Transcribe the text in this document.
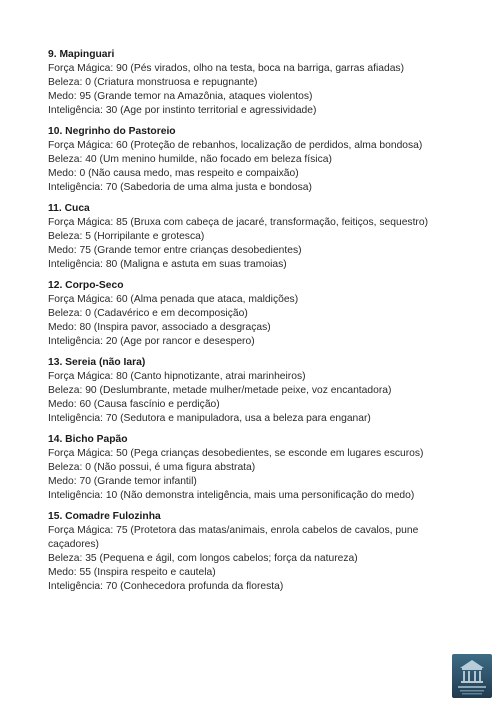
9. Mapinguari
Força Mágica: 90 (Pés virados, olho na testa, boca na barriga, garras afiadas)
Beleza: 0 (Criatura monstruosa e repugnante)
Medo: 95 (Grande temor na Amazônia, ataques violentos)
Inteligência: 30 (Age por instinto territorial e agressividade)
10. Negrinho do Pastoreio
Força Mágica: 60 (Proteção de rebanhos, localização de perdidos, alma bondosa)
Beleza: 40 (Um menino humilde, não focado em beleza física)
Medo: 0 (Não causa medo, mas respeito e compaixão)
Inteligência: 70 (Sabedoria de uma alma justa e bondosa)
11. Cuca
Força Mágica: 85 (Bruxa com cabeça de jacaré, transformação, feitiços, sequestro)
Beleza: 5 (Horripilante e grotesca)
Medo: 75 (Grande temor entre crianças desobedientes)
Inteligência: 80 (Maligna e astuta em suas tramoias)
12. Corpo-Seco
Força Mágica: 60 (Alma penada que ataca, maldições)
Beleza: 0 (Cadavérico e em decomposição)
Medo: 80 (Inspira pavor, associado a desgraças)
Inteligência: 20 (Age por rancor e desespero)
13. Sereia (não Iara)
Força Mágica: 80 (Canto hipnotizante, atrai marinheiros)
Beleza: 90 (Deslumbrante, metade mulher/metade peixe, voz encantadora)
Medo: 60 (Causa fascínio e perdição)
Inteligência: 70 (Sedutora e manipuladora, usa a beleza para enganar)
14. Bicho Papão
Força Mágica: 50 (Pega crianças desobedientes, se esconde em lugares escuros)
Beleza: 0 (Não possui, é uma figura abstrata)
Medo: 70 (Grande temor infantil)
Inteligência: 10 (Não demonstra inteligência, mais uma personificação do medo)
15. Comadre Fulozinha
Força Mágica: 75 (Protetora das matas/animais, enrola cabelos de cavalos, pune
caçadores)
Beleza: 35 (Pequena e ágil, com longos cabelos; força da natureza)
Medo: 55 (Inspira respeito e cautela)
Inteligência: 70 (Conhecedora profunda da floresta)
